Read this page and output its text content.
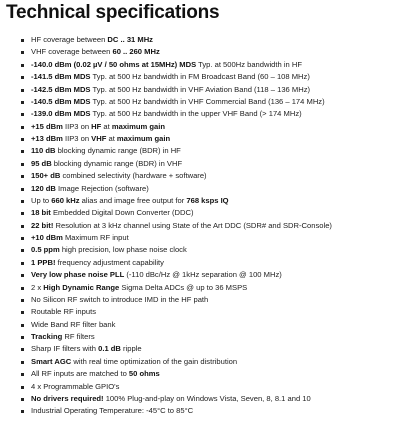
Technical specifications
HF coverage between DC .. 31 MHz
VHF coverage between 60 .. 260 MHz
-140.0 dBm (0.02 µV / 50 ohms at 15MHz) MDS Typ. at 500Hz bandwidth in HF
-141.5 dBm MDS Typ. at 500 Hz bandwidth in FM Broadcast Band (60 – 108 MHz)
-142.5 dBm MDS Typ. at 500 Hz bandwidth in VHF Aviation Band (118 – 136 MHz)
-140.5 dBm MDS Typ. at 500 Hz bandwidth in VHF Commercial Band (136 – 174 MHz)
-139.0 dBm MDS Typ. at 500 Hz bandwidth in the upper VHF Band (> 174 MHz)
+15 dBm IIP3 on HF at maximum gain
+13 dBm IIP3 on VHF at maximum gain
110 dB blocking dynamic range (BDR) in HF
95 dB blocking dynamic range (BDR) in VHF
150+ dB combined selectivity (hardware + software)
120 dB Image Rejection (software)
Up to 660 kHz alias and image free output for 768 ksps IQ
18 bit Embedded Digital Down Converter (DDC)
22 bit! Resolution at 3 kHz channel using State of the Art DDC (SDR# and SDR-Console)
+10 dBm Maximum RF input
0.5 ppm high precision, low phase noise clock
1 PPB! frequency adjustment capability
Very low phase noise PLL (-110 dBc/Hz @ 1kHz separation @ 100 MHz)
2 x High Dynamic Range Sigma Delta ADCs @ up to 36 MSPS
No Silicon RF switch to introduce IMD in the HF path
Routable RF inputs
Wide Band RF filter bank
Tracking RF filters
Sharp IF filters with 0.1 dB ripple
Smart AGC with real time optimization of the gain distribution
All RF inputs are matched to 50 ohms
4 x Programmable GPIO's
No drivers required! 100% Plug-and-play on Windows Vista, Seven, 8, 8.1 and 10
Industrial Operating Temperature: -45°C to 85°C
